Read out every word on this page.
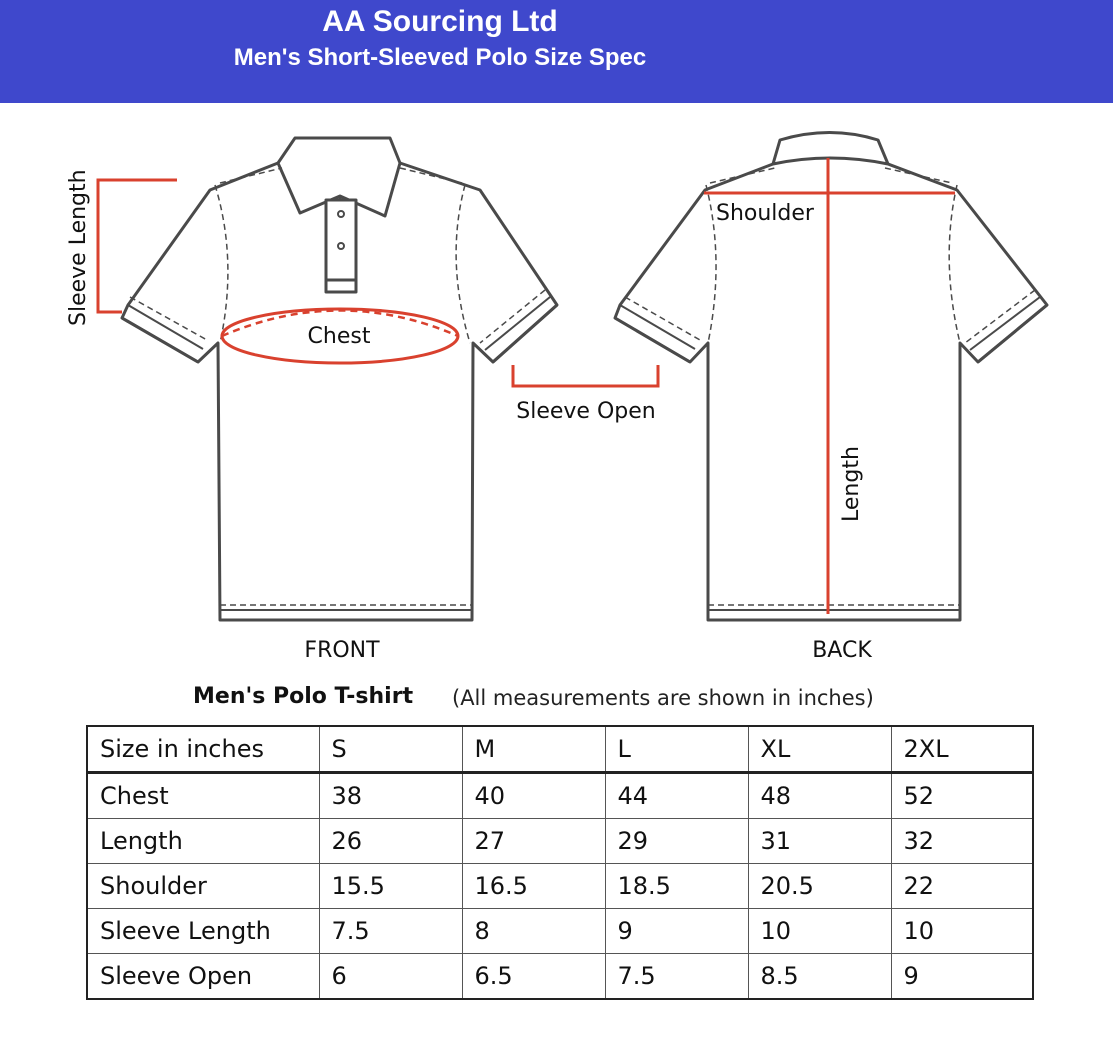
AA Sourcing Ltd
Men's Short-Sleeved Polo Size Spec
Sleeve Length
Chest
Sleeve Open
Shoulder
Length
FRONT	BACK
Men's Polo T-shirt (All measurements are shown in inches)
Size in inches	S	M	L	XL	2XL
Chest	38	40	44	48	52
Length	26	27	29	31	32
Shoulder	15.5	16.5	18.5	20.5	22
Sleeve Length	7.5	8	9	10	10
Sleeve Open	6	6.5	7.5	8.5	9
